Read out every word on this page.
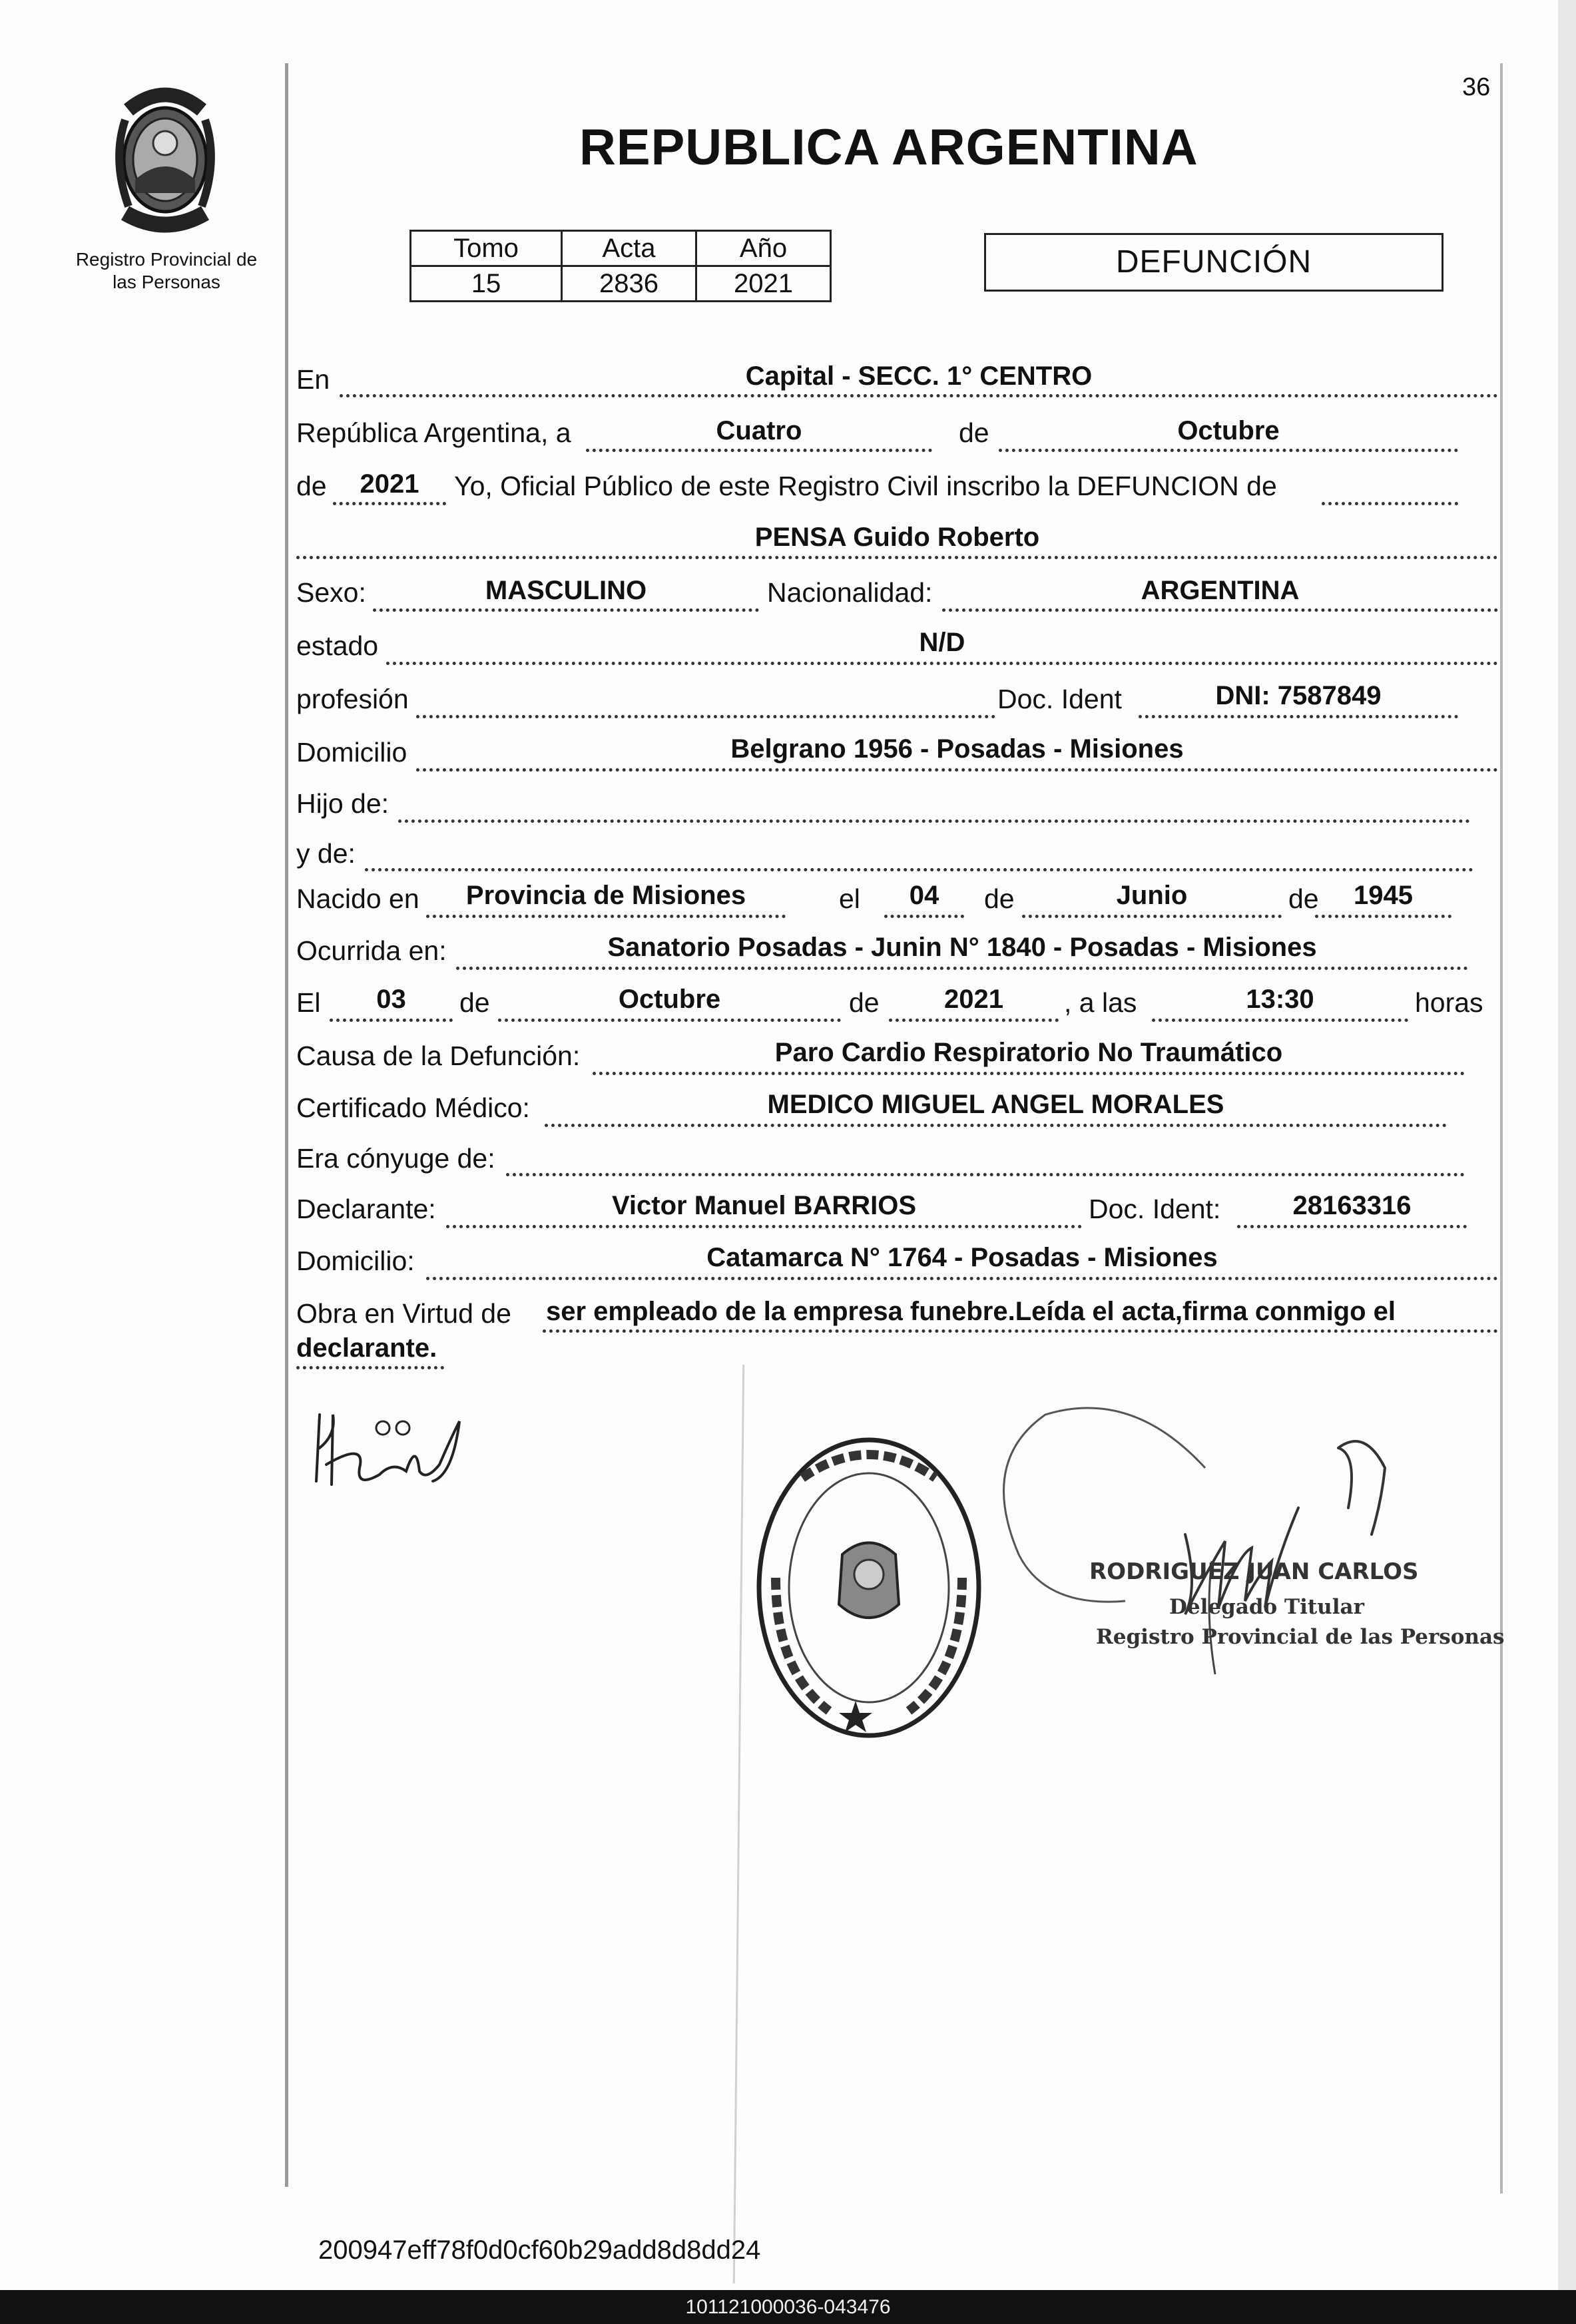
Registro Provincial de las Personas
36
REPUBLICA ARGENTINA
Tomo	Acta	Año
15	2836	2021
DEFUNCIÓN
En	Capital - SECC. 1° CENTRO
República Argentina, a	Cuatro	de	Octubre
de	2021	Yo, Oficial Público de este Registro Civil inscribo la DEFUNCION de
PENSA Guido Roberto
Sexo:	MASCULINO	Nacionalidad:	ARGENTINA
estado	N/D
profesión	Doc. Ident	DNI: 7587849
Domicilio	Belgrano 1956 - Posadas - Misiones
Hijo de:
y de:
Nacido en	Provincia de Misiones	el	04	de	Junio	de	1945
Ocurrida en:	Sanatorio Posadas - Junin N° 1840 - Posadas - Misiones
El	03	de	Octubre	de	2021	, a las	13:30	horas
Causa de la Defunción:	Paro Cardio Respiratorio No Traumático
Certificado Médico:	MEDICO MIGUEL ANGEL MORALES
Era cónyuge de:
Declarante:	Victor Manuel BARRIOS	Doc. Ident:	28163316
Domicilio:	Catamarca N° 1764 - Posadas - Misiones
Obra en Virtud de ser empleado de la empresa funebre.Leída el acta,firma conmigo el
declarante.
RODRIGUEZ JUAN CARLOS
Delegado Titular
Registro Provincial de las Personas
200947eff78f0d0cf60b29add8d8dd24
101121000036-043476
